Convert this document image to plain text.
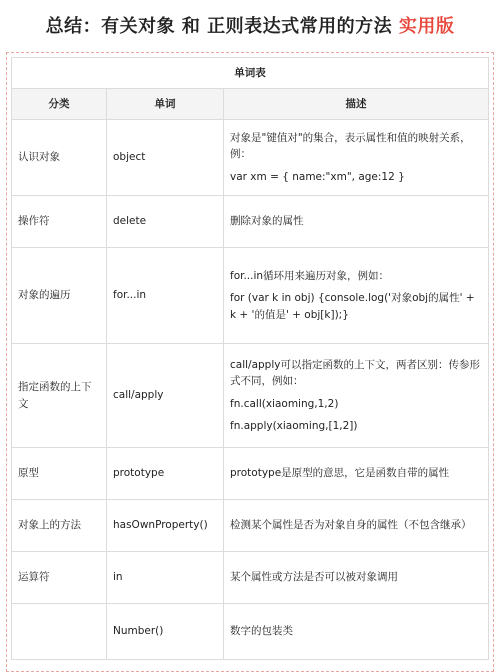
总结：有关对象 和 正则表达式常用的方法 实用版
单词表		
分类	单词	描述
认识对象	object	对象是"键值对"的集合，表示属性和值的映射关系，例：

var xm = { name:"xm", age:12 }

操作符	delete	删除对象的属性

对象的遍历	for...in	for...in循环用来遍历对象，例如：

for (var k in obj) {console.log('对象obj的属性' + k + '的值是' + obj[k]);}

指定函数的上下文	call/apply	call/apply可以指定函数的上下文，两者区别：传参形式不同，例如：

fn.call(xiaoming,1,2)

fn.apply(xiaoming,[1,2])

原型	prototype	prototype是原型的意思，它是函数自带的属性

对象上的方法	hasOwnProperty()	检测某个属性是否为对象自身的属性（不包含继承）

运算符	in	某个属性或方法是否可以被对象调用

	Number()	数字的包装类
